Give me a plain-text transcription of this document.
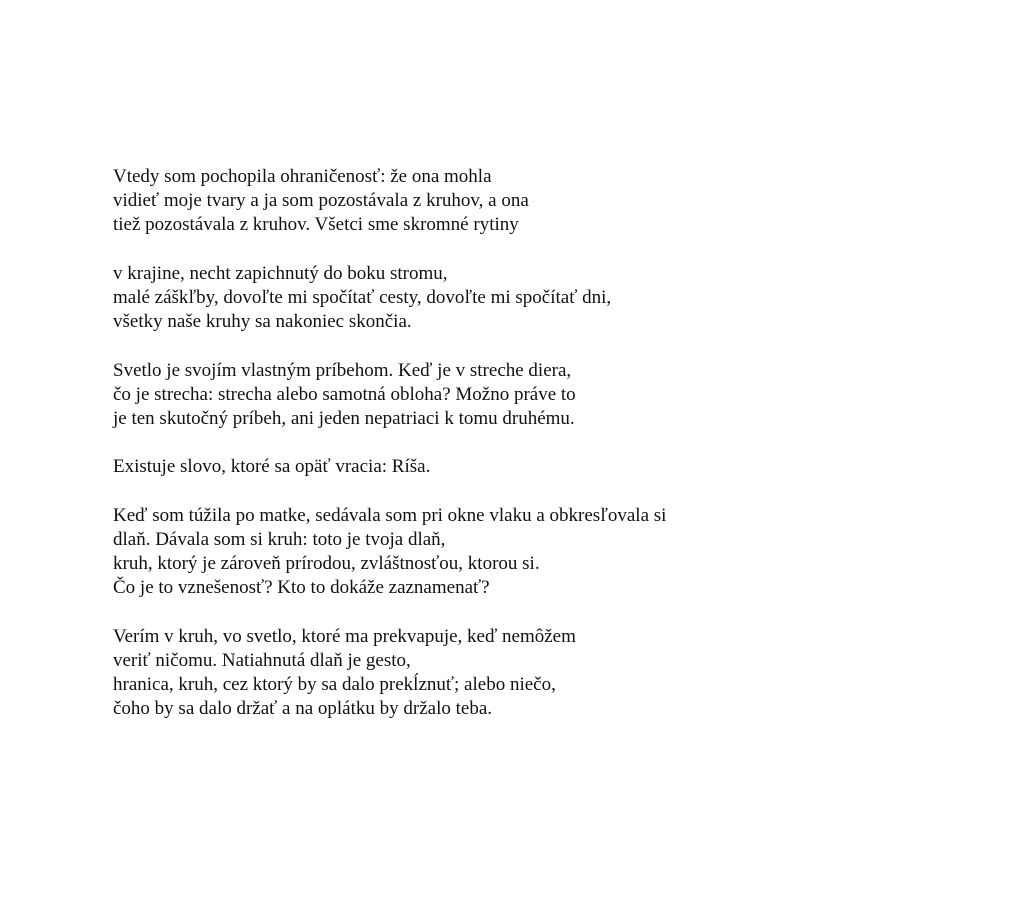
Vtedy som pochopila ohraničenosť: že ona mohla
vidieť moje tvary a ja som pozostávala z kruhov, a ona
tiež pozostávala z kruhov. Všetci sme skromné rytiny
v krajine, necht zapichnutý do boku stromu,
malé záškľby, dovoľte mi spočítať cesty, dovoľte mi spočítať dni,
všetky naše kruhy sa nakoniec skončia.
Svetlo je svojím vlastným príbehom. Keď je v streche diera,
čo je strecha: strecha alebo samotná obloha? Možno práve to
je ten skutočný príbeh, ani jeden nepatriaci k tomu druhému.
Existuje slovo, ktoré sa opäť vracia: Ríša.
Keď som túžila po matke, sedávala som pri okne vlaku a obkresľovala si
dlaň. Dávala som si kruh: toto je tvoja dlaň,
kruh, ktorý je zároveň prírodou, zvláštnosťou, ktorou si.
Čo je to vznešenosť? Kto to dokáže zaznamenať?
Verím v kruh, vo svetlo, ktoré ma prekvapuje, keď nemôžem
veriť ničomu. Natiahnutá dlaň je gesto,
hranica, kruh, cez ktorý by sa dalo prekĺznuť; alebo niečo,
čoho by sa dalo držať a na oplátku by držalo teba.
